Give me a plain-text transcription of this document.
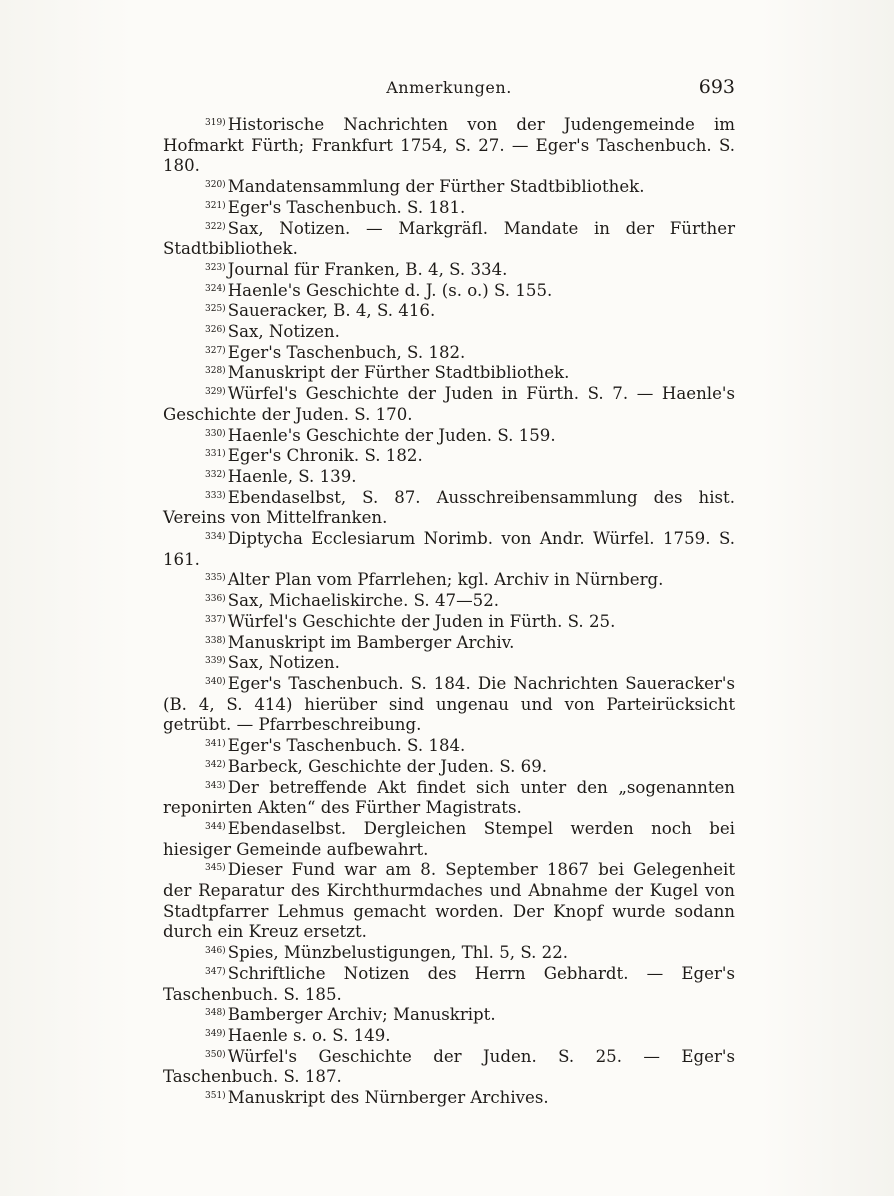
Anmerkungen.	693

$^{319)}$ Historische Nachrichten von der Judengemeinde im Hofmarkt Fürth; Frankfurt 1754, S. 27. — Eger's Taschenbuch. S. 180.

$^{320)}$ Mandatensammlung der Fürther Stadtbibliothek.

$^{321)}$ Eger's Taschenbuch. S. 181.

$^{322)}$ Sax, Notizen. — Markgräfl. Mandate in der Fürther Stadtbibliothek.

$^{323)}$ Journal für Franken, B. 4, S. 334.

$^{324)}$ Haenle's Geschichte d. J. (s. o.) S. 155.

$^{325)}$ Saueracker, B. 4, S. 416.

$^{326)}$ Sax, Notizen.

$^{327)}$ Eger's Taschenbuch, S. 182.

$^{328)}$ Manuskript der Fürther Stadtbibliothek.

$^{329)}$ Würfel's Geschichte der Juden in Fürth. S. 7. — Haenle's Geschichte der Juden. S. 170.

$^{330)}$ Haenle's Geschichte der Juden. S. 159.

$^{331)}$ Eger's Chronik. S. 182.

$^{332)}$ Haenle, S. 139.

$^{333)}$ Ebendaselbst, S. 87. Ausschreibensammlung des hist. Vereins von Mittelfranken.

$^{334)}$ Diptycha Ecclesiarum Norimb. von Andr. Würfel. 1759. S. 161.

$^{335)}$ Alter Plan vom Pfarrlehen; kgl. Archiv in Nürnberg.

$^{336)}$ Sax, Michaeliskirche. S. 47—52.

$^{337)}$ Würfel's Geschichte der Juden in Fürth. S. 25.

$^{338)}$ Manuskript im Bamberger Archiv.

$^{339)}$ Sax, Notizen.

$^{340)}$ Eger's Taschenbuch. S. 184. Die Nachrichten Saueracker's (B. 4, S. 414) hierüber sind ungenau und von Parteirücksicht getrübt. — Pfarrbeschreibung.

$^{341)}$ Eger's Taschenbuch. S. 184.

$^{342)}$ Barbeck, Geschichte der Juden. S. 69.

$^{343)}$ Der betreffende Akt findet sich unter den „sogenannten reponirten Akten“ des Fürther Magistrats.

$^{344)}$ Ebendaselbst. Dergleichen Stempel werden noch bei hiesiger Gemeinde aufbewahrt.

$^{345)}$ Dieser Fund war am 8. September 1867 bei Gelegenheit der Reparatur des Kirchthurmdaches und Abnahme der Kugel von Stadtpfarrer Lehmus gemacht worden. Der Knopf wurde sodann durch ein Kreuz ersetzt.

$^{346)}$ Spies, Münzbelustigungen, Thl. 5, S. 22.

$^{347)}$ Schriftliche Notizen des Herrn Gebhardt. — Eger's Taschenbuch. S. 185.

$^{348)}$ Bamberger Archiv; Manuskript.

$^{349)}$ Haenle s. o. S. 149.

$^{350)}$ Würfel's Geschichte der Juden. S. 25. — Eger's Taschenbuch. S. 187.

$^{351)}$ Manuskript des Nürnberger Archives.
